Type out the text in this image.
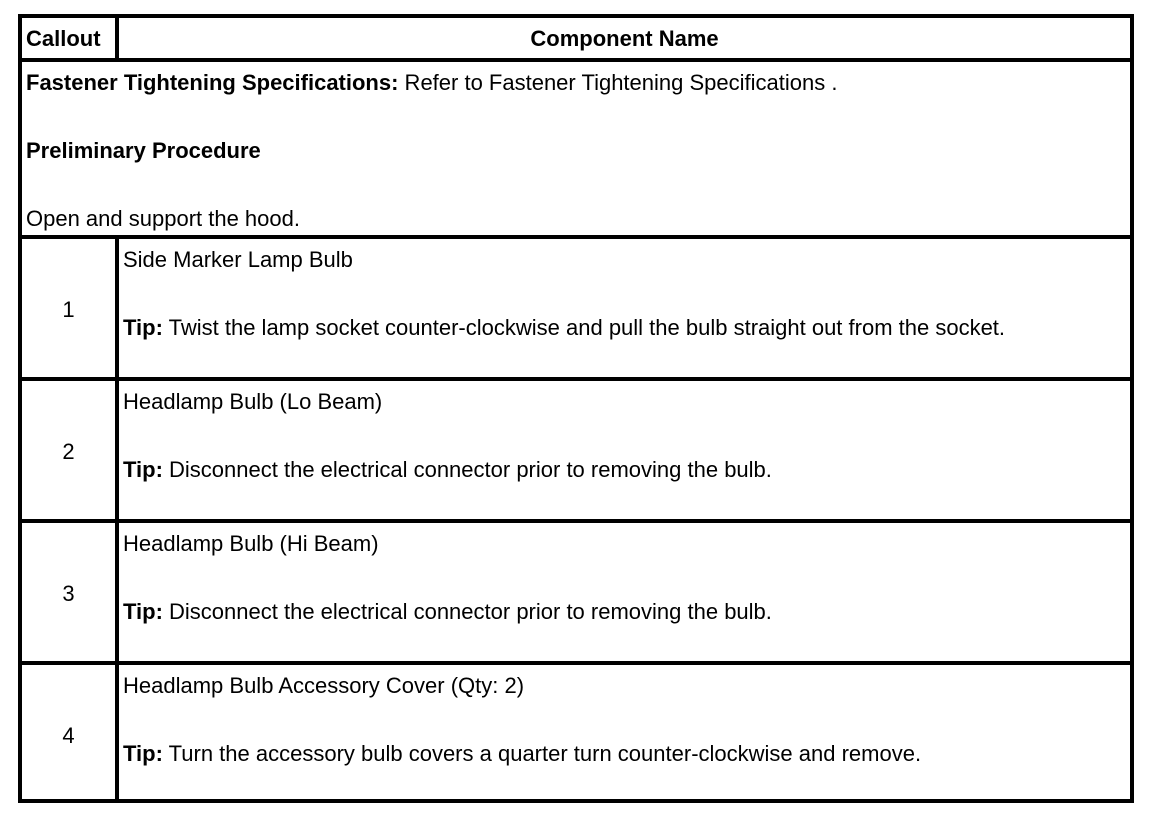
Callout	Component Name
Fastener Tightening Specifications: Refer to Fastener Tightening Specifications .
Preliminary Procedure
Open and support the hood.
1
Side Marker Lamp Bulb
Tip: Twist the lamp socket counter-clockwise and pull the bulb straight out from the socket.
2
Headlamp Bulb (Lo Beam)
Tip: Disconnect the electrical connector prior to removing the bulb.
3
Headlamp Bulb (Hi Beam)
Tip: Disconnect the electrical connector prior to removing the bulb.
4
Headlamp Bulb Accessory Cover (Qty: 2)
Tip: Turn the accessory bulb covers a quarter turn counter-clockwise and remove.
